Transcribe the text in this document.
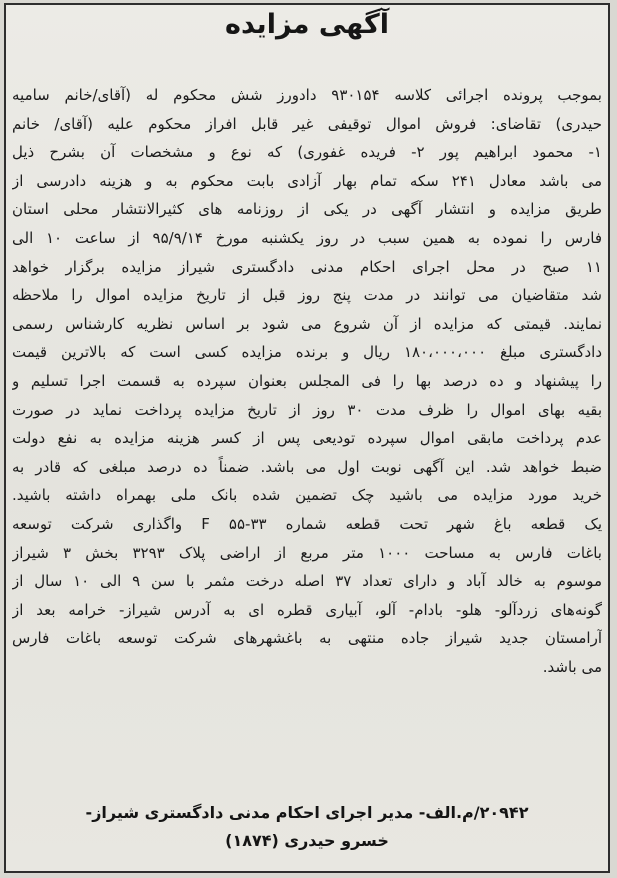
آگهی مزایده
بموجب پرونده اجرائی کلاسه ۹۳۰۱۵۴ دادورز شش محکوم له (آقای/خانم سامیه
حیدری) تقاضای: فروش اموال توقیفی غیر قابل افراز محکوم علیه (آقای/ خانم
۱- محمود ابراهیم پور ۲- فریده غفوری) که نوع و مشخصات آن بشرح ذیل
می باشد معادل ۲۴۱ سکه تمام بهار آزادی بابت محکوم به و هزینه دادرسی از
طریق مزایده و انتشار آگهی در یکی از روزنامه های کثیرالانتشار محلی استان
فارس را نموده به همین سبب در روز یکشنبه مورخ ۹۵/۹/۱۴ از ساعت ۱۰ الی
۱۱ صبح در محل اجرای احکام مدنی دادگستری شیراز مزایده برگزار خواهد
شد متقاضیان می توانند در مدت پنج روز قبل از تاریخ مزایده اموال را ملاحظه
نمایند. قیمتی که مزایده از آن شروع می شود بر اساس نظریه کارشناس رسمی
دادگستری مبلغ ۱۸۰،۰۰۰،۰۰۰ ریال و برنده مزایده کسی است که بالاترین قیمت
را پیشنهاد و ده درصد بها را فی المجلس بعنوان سپرده به قسمت اجرا تسلیم و
بقیه بهای اموال را ظرف مدت ۳۰ روز از تاریخ مزایده پرداخت نماید در صورت
عدم پرداخت مابقی اموال سپرده تودیعی پس از کسر هزینه مزایده به نفع دولت
ضبط خواهد شد. این آگهی نوبت اول می باشد. ضمناً ده درصد مبلغی که قادر به
خرید مورد مزایده می باشید چک تضمین شده بانک ملی بهمراه داشته باشید.
یک قطعه باغ شهر تحت قطعه شماره ۳۳-۵۵ F واگذاری شرکت توسعه
باغات فارس به مساحت ۱۰۰۰ متر مربع از اراضی پلاک ۳۲۹۳ بخش ۳ شیراز
موسوم به خالد آباد و دارای تعداد ۳۷ اصله درخت مثمر با سن ۹ الی ۱۰ سال از
گونه‌های زردآلو- هلو- بادام- آلو، آبیاری قطره ای به آدرس شیراز- خرامه بعد از
آرامستان جدید شیراز جاده منتهی به باغشهرهای شرکت توسعه باغات فارس
می باشد.
۲۰۹۴۲/م.الف- مدیر اجرای احکام مدنی دادگستری شیراز-
خسرو حیدری (۱۸۷۴)
